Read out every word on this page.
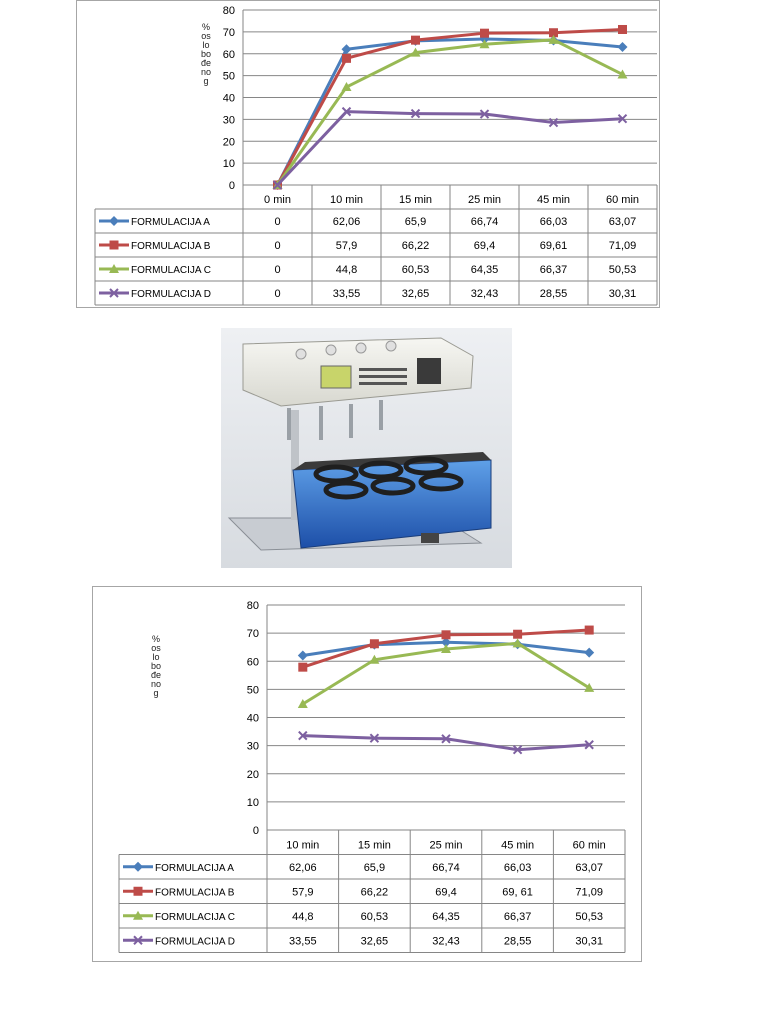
% oslobođenog
0
10
20
30
40
50
60
70
80
0 min	10 min	15 min	25 min	45 min	60 min
FORMULACIJA A	0	62,06	65,9	66,74	66,03	63,07
FORMULACIJA B	0	57,9	66,22	69,4	69,61	71,09
FORMULACIJA C	0	44,8	60,53	64,35	66,37	50,53
FORMULACIJA D	0	33,55	32,65	32,43	28,55	30,31
% oslobođenog
0
10
20
30
40
50
60
70
80
10 min	15 min	25 min	45 min	60 min
FORMULACIJA A	62,06	65,9	66,74	66,03	63,07
FORMULACIJA B	57,9	66,22	69,4	69, 61	71,09
FORMULACIJA C	44,8	60,53	64,35	66,37	50,53
FORMULACIJA D	33,55	32,65	32,43	28,55	30,31
